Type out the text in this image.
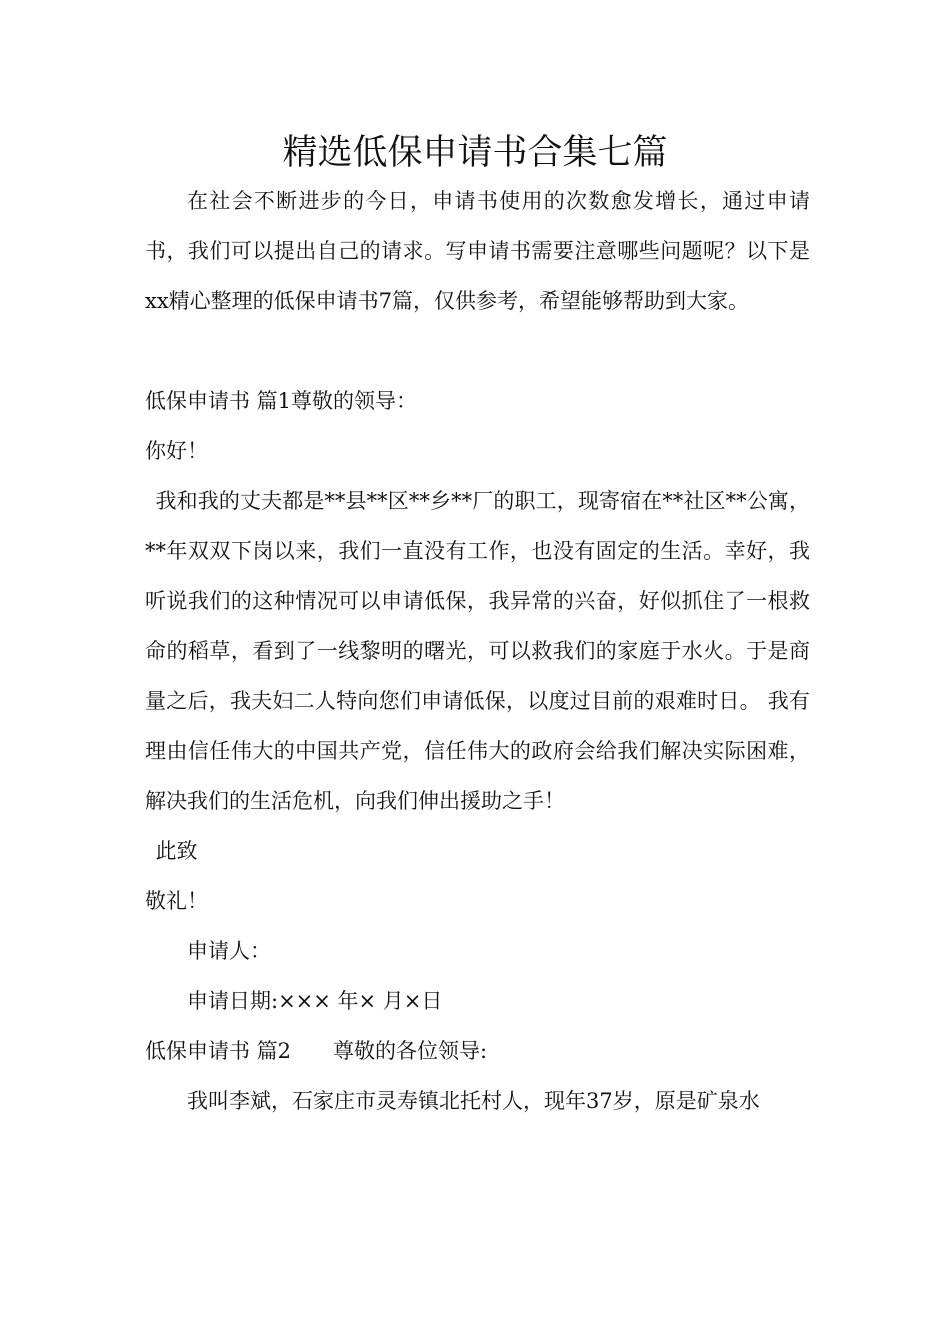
精选低保申请书合集七篇

在社会不断进步的今日，申请书使用的次数愈发增长，通过申请书，我们可以提出自己的请求。写申请书需要注意哪些问题呢？以下是xx精心整理的低保申请书7篇，仅供参考，希望能够帮助到大家。

低保申请书 篇1尊敬的领导：

你好！

我和我的丈夫都是**县**区**乡**厂的职工，现寄宿在**社区**公寓，**年双双下岗以来，我们一直没有工作，也没有固定的生活。幸好，我听说我们的这种情况可以申请低保，我异常的兴奋，好似抓住了一根救命的稻草，看到了一线黎明的曙光，可以救我们的家庭于水火。于是商量之后，我夫妇二人特向您们申请低保，以度过目前的艰难时日。 我有理由信任伟大的中国共产党，信任伟大的政府会给我们解决实际困难，解决我们的生活危机，向我们伸出援助之手！

此致

敬礼！

申请人：

申请日期:××× 年× 月×日

低保申请书 篇2　　尊敬的各位领导:

我叫李斌，石家庄市灵寿镇北托村人，现年37岁，原是矿泉水
